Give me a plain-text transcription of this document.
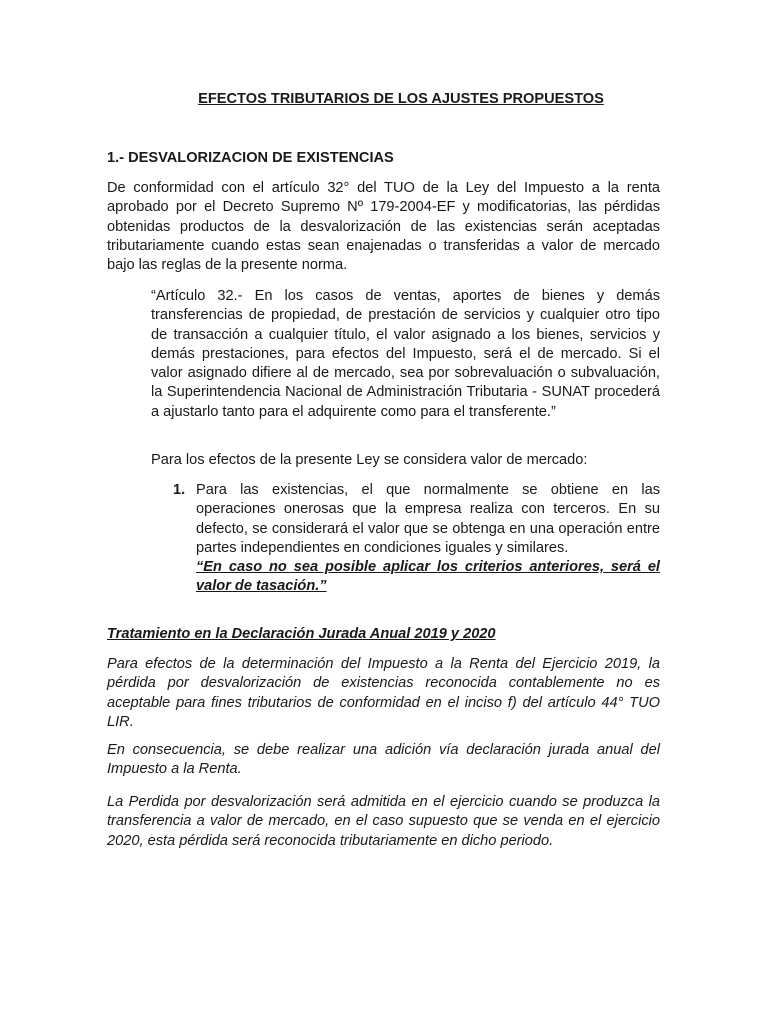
EFECTOS TRIBUTARIOS DE LOS AJUSTES PROPUESTOS

1.- DESVALORIZACION DE EXISTENCIAS

De conformidad con el artículo 32° del TUO de la Ley del Impuesto a la renta aprobado por el Decreto Supremo Nº 179-2004-EF y modificatorias, las pérdidas obtenidas productos de la desvalorización de las existencias serán aceptadas tributariamente cuando estas sean enajenadas o transferidas a valor de mercado bajo las reglas de la presente norma.

“Artículo 32.- En los casos de ventas, aportes de bienes y demás transferencias de propiedad, de prestación de servicios y cualquier otro tipo de transacción a cualquier título, el valor asignado a los bienes, servicios y demás prestaciones, para efectos del Impuesto, será el de mercado. Si el valor asignado difiere al de mercado, sea por sobrevaluación o subvaluación, la Superintendencia Nacional de Administración Tributaria - SUNAT procederá a ajustarlo tanto para el adquirente como para el transferente.”

Para los efectos de la presente Ley se considera valor de mercado:

1. Para las existencias, el que normalmente se obtiene en las operaciones onerosas que la empresa realiza con terceros. En su defecto, se considerará el valor que se obtenga en una operación entre partes independientes en condiciones iguales y similares.
“En caso no sea posible aplicar los criterios anteriores, será el valor de tasación.”

Tratamiento en la Declaración Jurada Anual 2019 y 2020

Para efectos de la determinación del Impuesto a la Renta del Ejercicio 2019, la pérdida por desvalorización de existencias reconocida contablemente no es aceptable para fines tributarios de conformidad en el inciso f) del artículo 44° TUO LIR.

En consecuencia, se debe realizar una adición vía declaración jurada anual del Impuesto a la Renta.

La Perdida por desvalorización será admitida en el ejercicio cuando se produzca la transferencia a valor de mercado, en el caso supuesto que se venda en el ejercicio 2020, esta pérdida será reconocida tributariamente en dicho periodo.
